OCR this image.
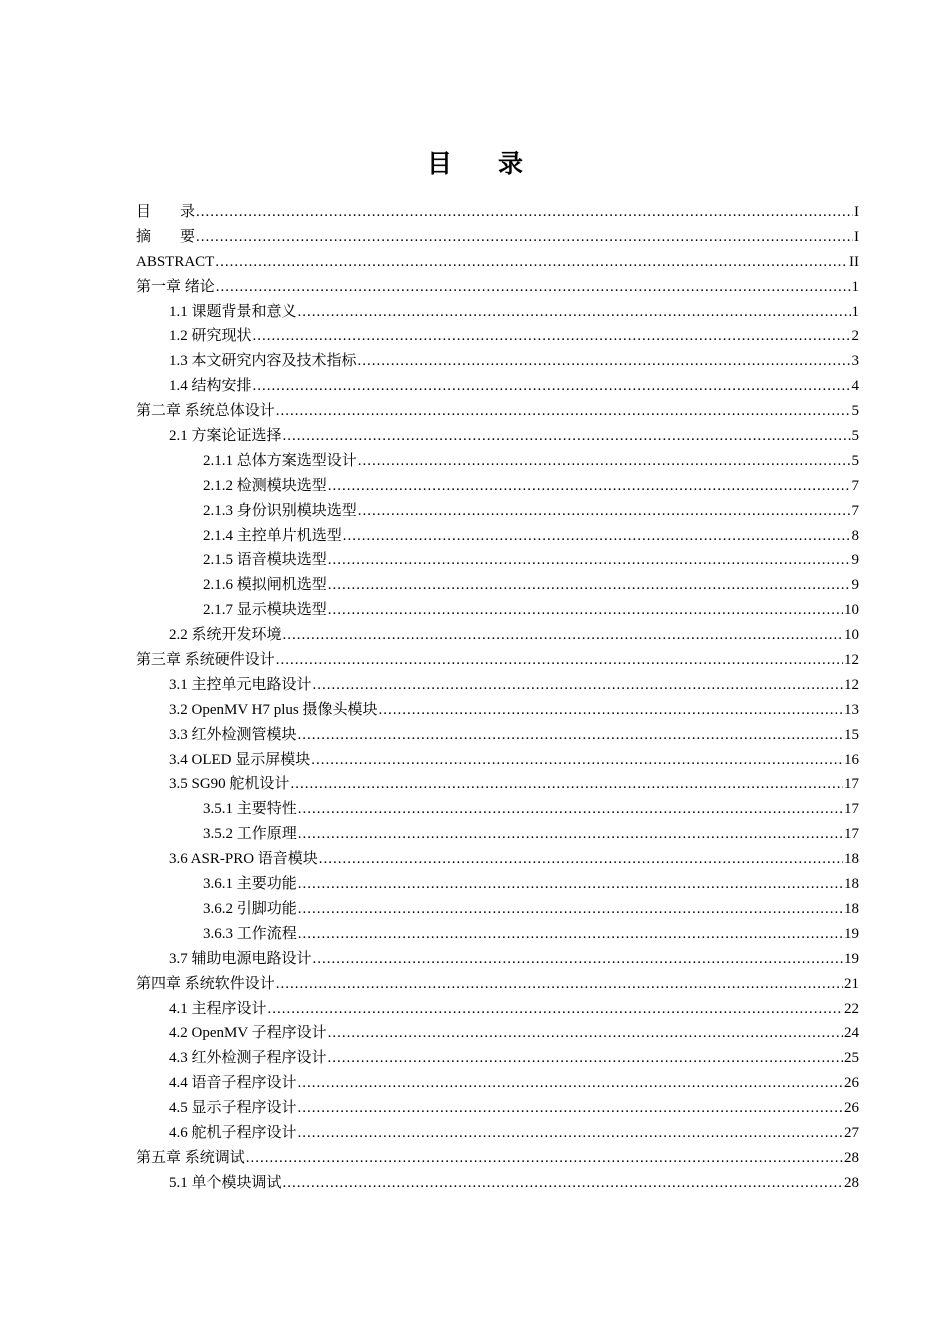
目 录
目 录 .....	I
摘 要 .....	I
ABSTRACT .....	II
第一章 绪论 .....	1
1.1 课题背景和意义 .....	1
1.2 研究现状 .....	2
1.3 本文研究内容及技术指标 .....	3
1.4 结构安排 .....	4
第二章 系统总体设计 .....	5
2.1 方案论证选择 .....	5
2.1.1 总体方案选型设计 .....	5
2.1.2 检测模块选型 .....	7
2.1.3 身份识别模块选型 .....	7
2.1.4 主控单片机选型 .....	8
2.1.5 语音模块选型 .....	9
2.1.6 模拟闸机选型 .....	9
2.1.7 显示模块选型 .....	10
2.2 系统开发环境 .....	10
第三章 系统硬件设计 .....	12
3.1 主控单元电路设计 .....	12
3.2 OpenMV H7 plus 摄像头模块 .....	13
3.3 红外检测管模块 .....	15
3.4 OLED 显示屏模块 .....	16
3.5 SG90 舵机设计 .....	17
3.5.1 主要特性 .....	17
3.5.2 工作原理 .....	17
3.6 ASR-PRO 语音模块 .....	18
3.6.1 主要功能 .....	18
3.6.2 引脚功能 .....	18
3.6.3 工作流程 .....	19
3.7 辅助电源电路设计 .....	19
第四章 系统软件设计 .....	21
4.1 主程序设计 .....	22
4.2 OpenMV 子程序设计 .....	24
4.3 红外检测子程序设计 .....	25
4.4 语音子程序设计 .....	26
4.5 显示子程序设计 .....	26
4.6 舵机子程序设计 .....	27
第五章 系统调试 .....	28
5.1 单个模块调试 .....	28
